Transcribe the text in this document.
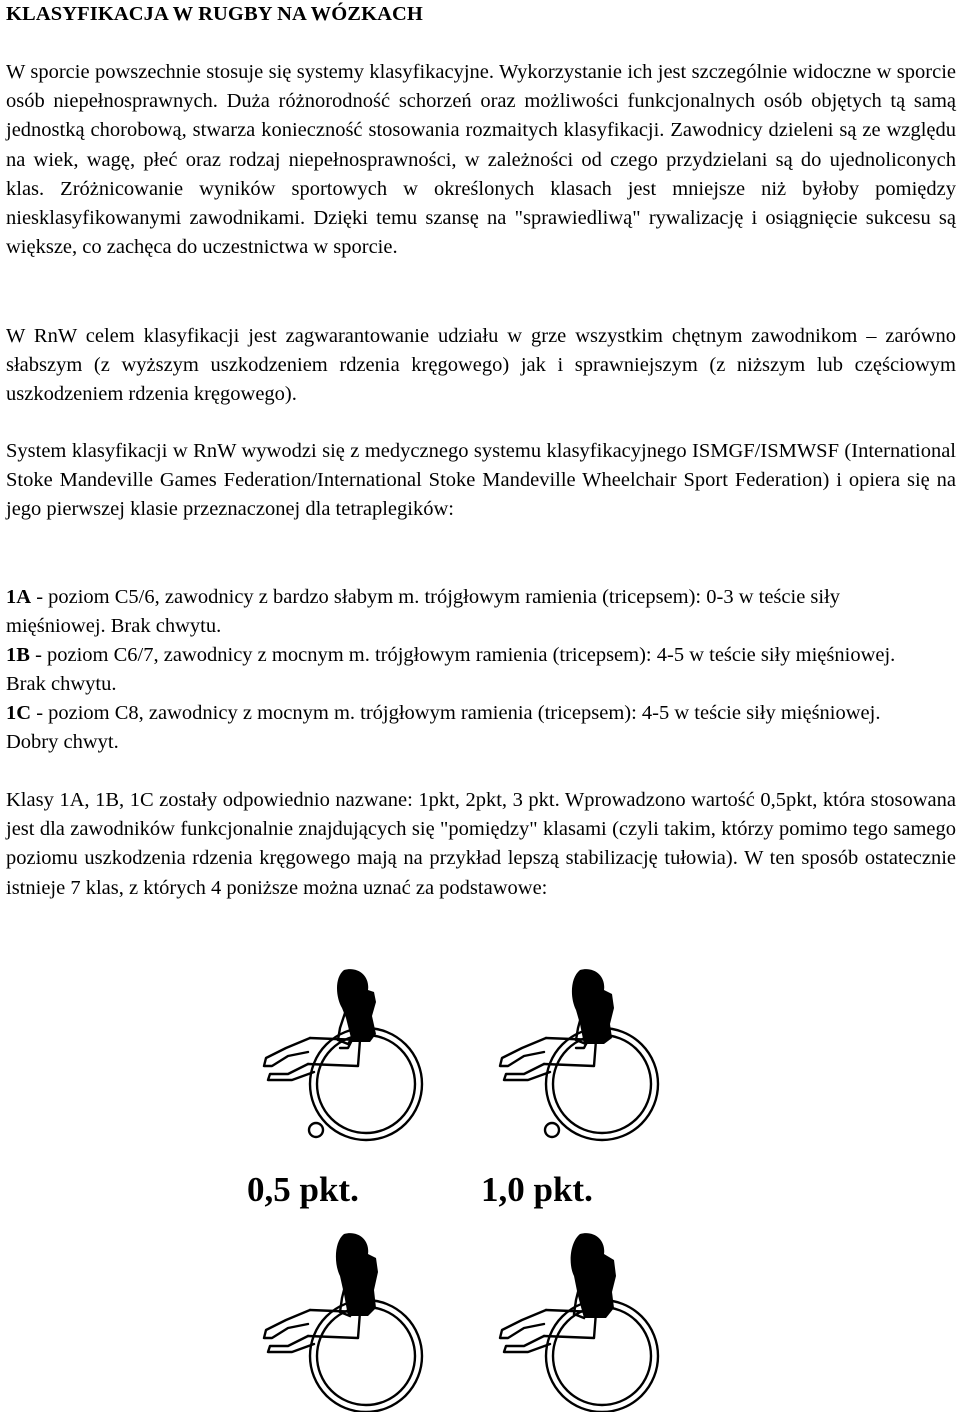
KLASYFIKACJA W RUGBY NA WÓZKACH

W sporcie powszechnie stosuje się systemy klasyfikacyjne. Wykorzystanie ich jest szczególnie widoczne w sporcie osób niepełnosprawnych. Duża różnorodność schorzeń oraz możliwości funkcjonalnych osób objętych tą samą jednostką chorobową, stwarza konieczność stosowania rozmaitych klasyfikacji. Zawodnicy dzieleni są ze względu na wiek, wagę, płeć oraz rodzaj niepełnosprawności, w zależności od czego przydzielani są do ujednoliconych klas. Zróżnicowanie wyników sportowych w określonych klasach jest mniejsze niż byłoby pomiędzy niesklasyfikowanymi zawodnikami. Dzięki temu szansę na "sprawiedliwą" rywalizację i osiągnięcie sukcesu są większe, co zachęca do uczestnictwa w sporcie.

W RnW celem klasyfikacji jest zagwarantowanie udziału w grze wszystkim chętnym zawodnikom – zarówno słabszym (z wyższym uszkodzeniem rdzenia kręgowego) jak i sprawniejszym (z niższym lub częściowym uszkodzeniem rdzenia kręgowego).

System klasyfikacji w RnW wywodzi się z medycznego systemu klasyfikacyjnego ISMGF/ISMWSF (International Stoke Mandeville Games Federation/International Stoke Mandeville Wheelchair Sport Federation) i opiera się na jego pierwszej klasie przeznaczonej dla tetraplegików:

1A - poziom C5/6, zawodnicy z bardzo słabym m. trójgłowym ramienia (tricepsem): 0-3 w teście siły mięśniowej. Brak chwytu.

1B - poziom C6/7, zawodnicy z mocnym m. trójgłowym ramienia (tricepsem): 4-5 w teście siły mięśniowej. Brak chwytu.

1C - poziom C8, zawodnicy z mocnym m. trójgłowym ramienia (tricepsem): 4-5 w teście siły mięśniowej. Dobry chwyt.

Klasy 1A, 1B, 1C zostały odpowiednio nazwane: 1pkt, 2pkt, 3 pkt. Wprowadzono wartość 0,5pkt, która stosowana jest dla zawodników funkcjonalnie znajdujących się "pomiędzy" klasami (czyli takim, którzy pomimo tego samego poziomu uszkodzenia rdzenia kręgowego mają na przykład lepszą stabilizację tułowia). W ten sposób ostatecznie istnieje 7 klas, z których 4 poniższe można uznać za podstawowe:

0,5 pkt.	1,0 pkt.
